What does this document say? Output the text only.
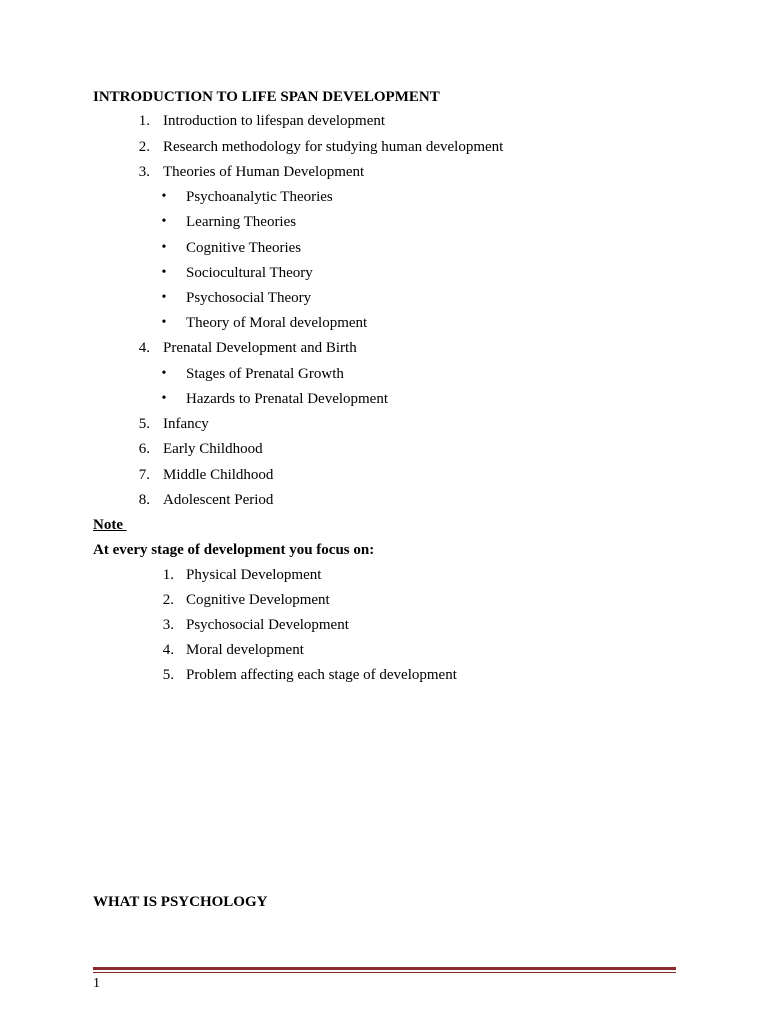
INTRODUCTION TO LIFE SPAN DEVELOPMENT
1. Introduction to lifespan development
2. Research methodology for studying human development
3. Theories of Human Development
• Psychoanalytic Theories
• Learning Theories
• Cognitive Theories
• Sociocultural Theory
• Psychosocial Theory
• Theory of Moral development
4. Prenatal Development and Birth
• Stages of Prenatal Growth
• Hazards to Prenatal Development
5. Infancy
6. Early Childhood
7. Middle Childhood
8. Adolescent Period
Note
At every stage of development you focus on:
1. Physical Development
2. Cognitive Development
3. Psychosocial Development
4. Moral development
5. Problem affecting each stage of development
WHAT IS PSYCHOLOGY
1
